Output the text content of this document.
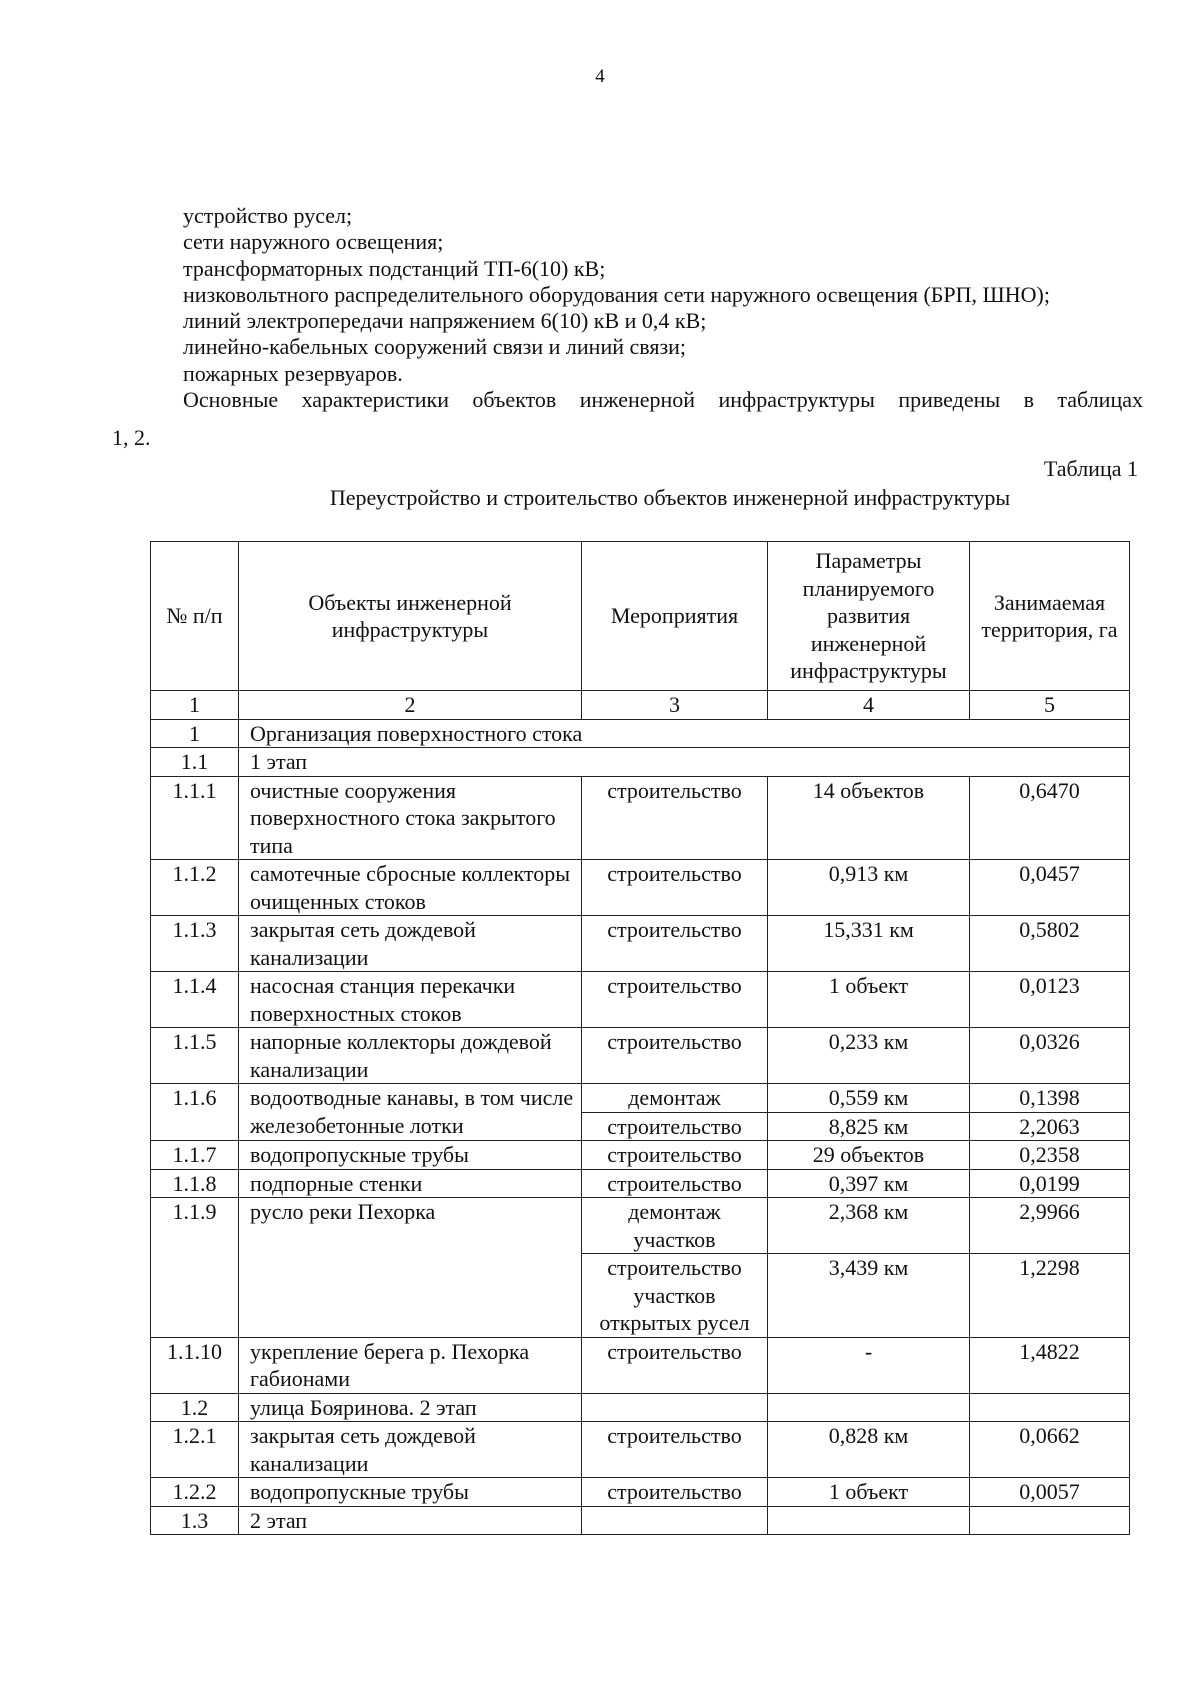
4
устройство русел;
сети наружного освещения;
трансформаторных подстанций ТП-6(10) кВ;
низковольтного распределительного оборудования сети наружного освещения (БРП, ШНО);
линий электропередачи напряжением 6(10) кВ и 0,4 кВ;
линейно-кабельных сооружений связи и линий связи;
пожарных резервуаров.
Основные характеристики объектов инженерной инфраструктуры приведены в таблицах
1, 2.
Таблица 1
Переустройство и строительство объектов инженерной инфраструктуры
№ п/п	Объекты инженерной инфраструктуры	Мероприятия	Параметры планируемого развития инженерной инфраструктуры	Занимаемая территория, га
1	2	3	4	5
1	Организация поверхностного стока			
1.1	1 этап			
1.1.1	очистные сооружения поверхностного стока закрытого типа	строительство	14 объектов	0,6470
1.1.2	самотечные сбросные коллекторы очищенных стоков	строительство	0,913 км	0,0457
1.1.3	закрытая сеть дождевой канализации	строительство	15,331 км	0,5802
1.1.4	насосная станция перекачки поверхностных стоков	строительство	1 объект	0,0123
1.1.5	напорные коллекторы дождевой канализации	строительство	0,233 км	0,0326
1.1.6	водоотводные канавы, в том числе железобетонные лотки	демонтаж	0,559 км	0,1398
		строительство	8,825 км	2,2063
1.1.7	водопропускные трубы	строительство	29 объектов	0,2358
1.1.8	подпорные стенки	строительство	0,397 км	0,0199
1.1.9	русло реки Пехорка	демонтаж участков	2,368 км	2,9966
		строительство участков открытых русел	3,439 км	1,2298
1.1.10	укрепление берега р. Пехорка габионами	строительство	-	1,4822
1.2	улица Бояринова. 2 этап			
1.2.1	закрытая сеть дождевой канализации	строительство	0,828 км	0,0662
1.2.2	водопропускные трубы	строительство	1 объект	0,0057
1.3	2 этап			
